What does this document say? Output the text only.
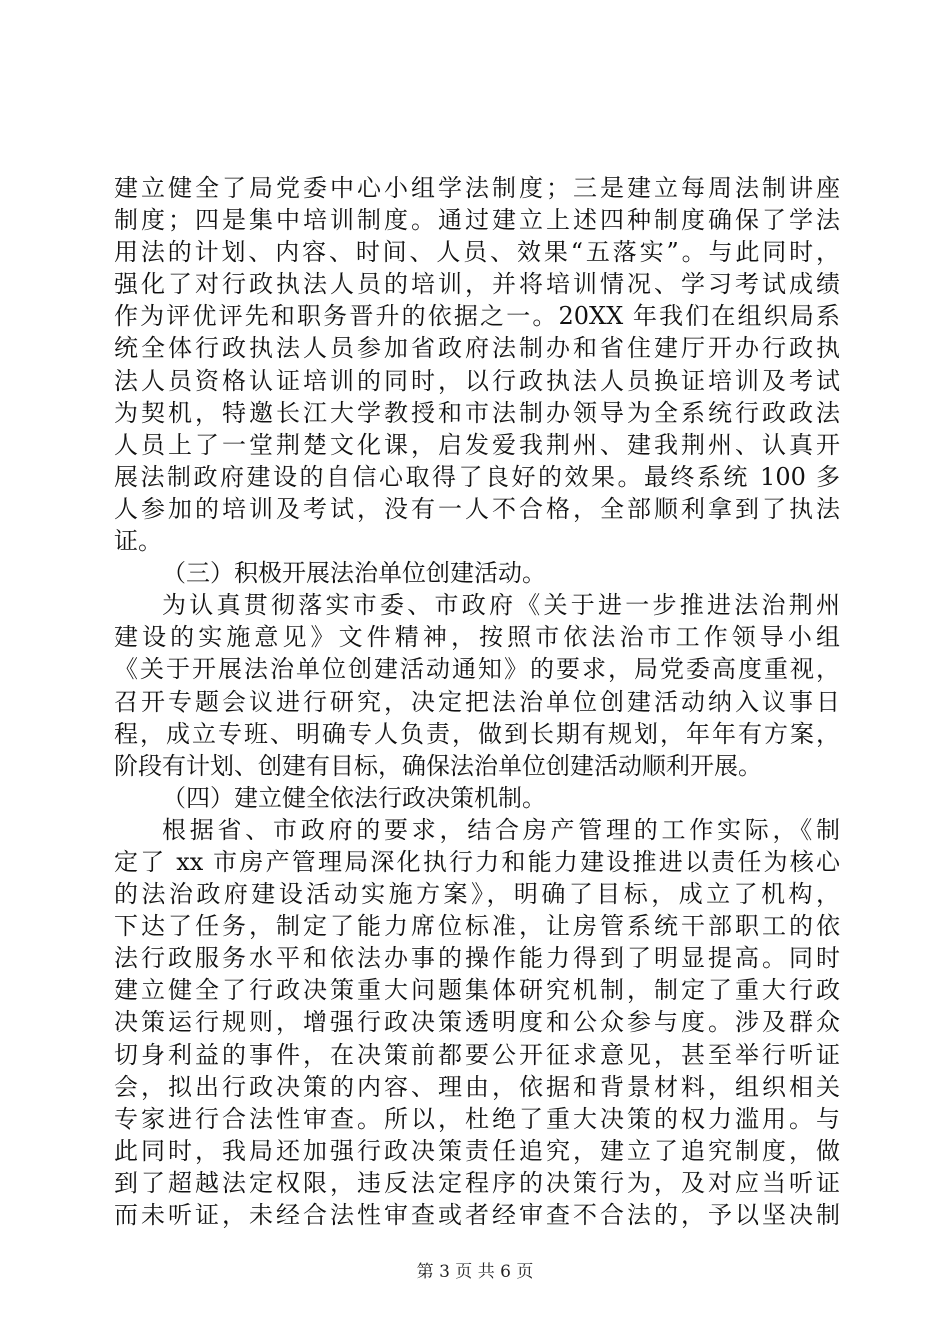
建立健全了局党委中心小组学法制度；三是建立每周法制讲座
制度；四是集中培训制度。通过建立上述四种制度确保了学法
用法的计划、内容、时间、人员、效果“五落实”。与此同时，
强化了对行政执法人员的培训，并将培训情况、学习考试成绩
作为评优评先和职务晋升的依据之一。20XX 年我们在组织局系
统全体行政执法人员参加省政府法制办和省住建厅开办行政执
法人员资格认证培训的同时，以行政执法人员换证培训及考试
为契机，特邀长江大学教授和市法制办领导为全系统行政政法
人员上了一堂荆楚文化课，启发爱我荆州、建我荆州、认真开
展法制政府建设的自信心取得了良好的效果。最终系统 100 多
人参加的培训及考试，没有一人不合格，全部顺利拿到了执法
证。
（三）积极开展法治单位创建活动。
为认真贯彻落实市委、市政府《关于进一步推进法治荆州
建设的实施意见》文件精神，按照市依法治市工作领导小组
《关于开展法治单位创建活动通知》的要求，局党委高度重视，
召开专题会议进行研究，决定把法治单位创建活动纳入议事日
程，成立专班、明确专人负责，做到长期有规划，年年有方案，
阶段有计划、创建有目标，确保法治单位创建活动顺利开展。
（四）建立健全依法行政决策机制。
根据省、市政府的要求，结合房产管理的工作实际，《制
定了 xx 市房产管理局深化执行力和能力建设推进以责任为核心
的法治政府建设活动实施方案》，明确了目标，成立了机构，
下达了任务，制定了能力席位标准，让房管系统干部职工的依
法行政服务水平和依法办事的操作能力得到了明显提高。同时
建立健全了行政决策重大问题集体研究机制，制定了重大行政
决策运行规则，增强行政决策透明度和公众参与度。涉及群众
切身利益的事件，在决策前都要公开征求意见，甚至举行听证
会，拟出行政决策的内容、理由，依据和背景材料，组织相关
专家进行合法性审查。所以，杜绝了重大决策的权力滥用。与
此同时，我局还加强行政决策责任追究，建立了追究制度，做
到了超越法定权限，违反法定程序的决策行为，及对应当听证
而未听证，未经合法性审查或者经审查不合法的，予以坚决制
第 3 页 共 6 页
